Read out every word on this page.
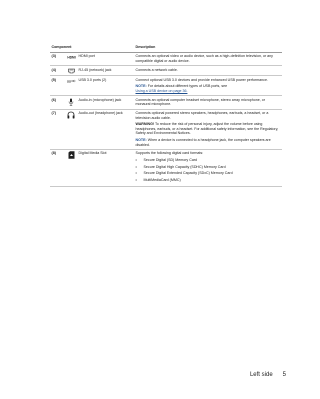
Component	Description
(3)	HDMI HDMI port	Connects an optional video or audio device, such as a high-definition television, or any compatible digital or audio device.

(4)	RJ-45 (network) jack	Connects a network cable.

(5)	SS	USB 3.0 ports (2)	Connect optional USB 3.0 devices and provide enhanced USB power performance.

NOTE: For details about different types of USB ports, see
Using a USB device on page 36.

(6)	Audio-in (microphone) jack	Connects an optional computer headset microphone, stereo array microphone, or monaural microphone.

(7)	Audio-out (headphone) jack	Connects optional powered stereo speakers, headphones, earbuds, a headset, or a television audio cable.

WARNING! To reduce the risk of personal injury, adjust the volume before using headphones, earbuds, or a headset. For additional safety information, see the Regulatory, Safety and Environmental Notices.

NOTE: When a device is connected to a headphone jack, the computer speakers are disabled.

(8)	Digital Media Slot	Supports the following digital card formats:

•	Secure Digital (SD) Memory Card
•	Secure Digital High Capacity (SDHC) Memory Card
•	Secure Digital Extended Capacity (SDxC) Memory Card
•	MultiMediaCard (MMC)
Left side 5
